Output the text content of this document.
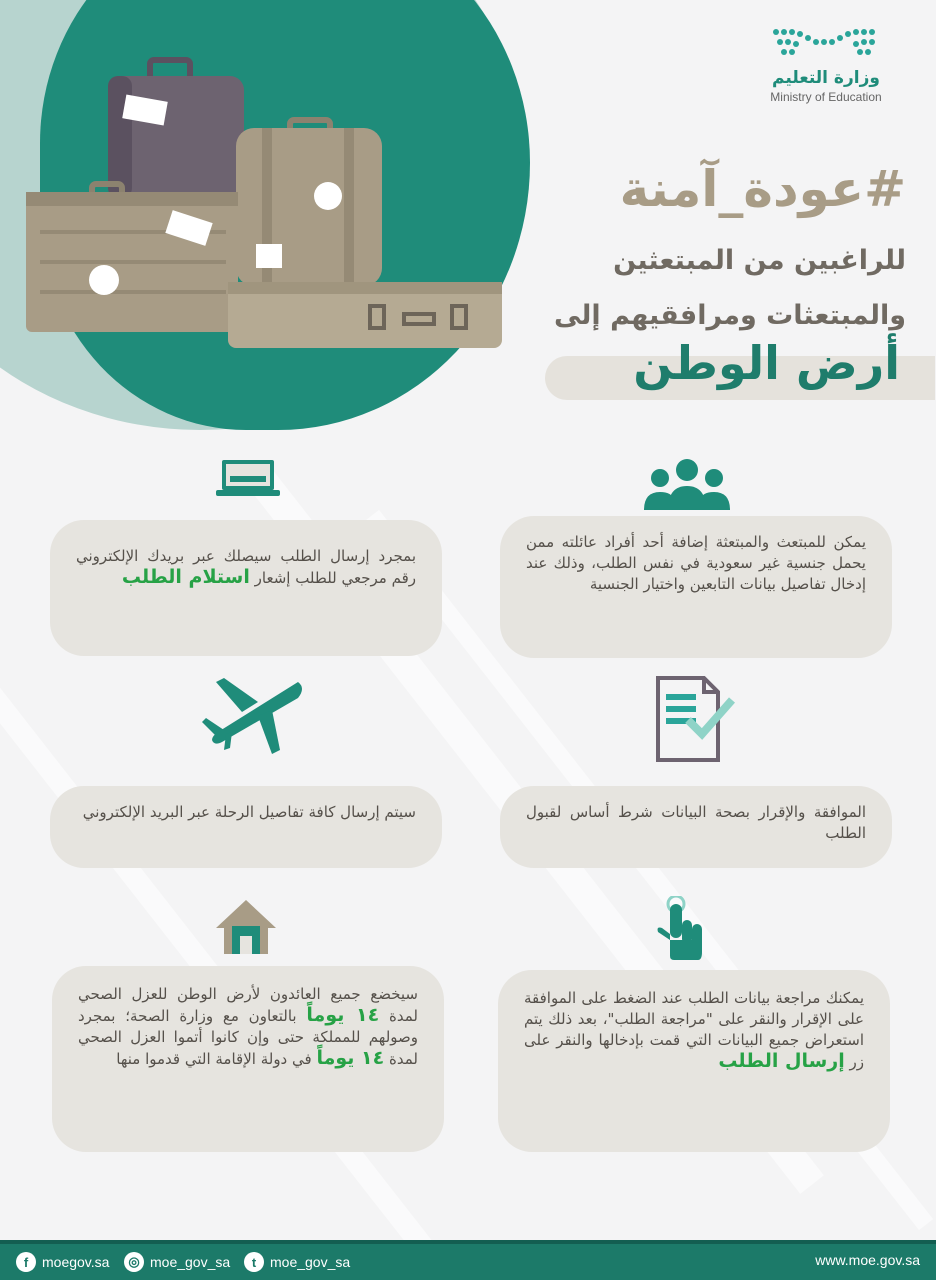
وزارة التعليم
Ministry of Education
#عودة_آمنة
للراغبين من المبتعثين
والمبتعثات ومرافقيهم إلى
أرض الوطن
يمكن للمبتعث والمبتعثة إضافة أحد أفراد عائلته ممن يحمل جنسية غير سعودية في نفس الطلب، وذلك عند إدخال تفاصيل بيانات التابعين واختيار الجنسية
بمجرد إرسال الطلب سيصلك عبر بريدك الإلكتروني رقم مرجعي للطلب إشعار استلام الطلب
الموافقة والإقرار بصحة البيانات شرط أساس لقبول الطلب
سيتم إرسال كافة تفاصيل الرحلة عبر البريد الإلكتروني
يمكنك مراجعة بيانات الطلب عند الضغط على الموافقة على الإقرار والنقر على "مراجعة الطلب"، بعد ذلك يتم استعراض جميع البيانات التي قمت بإدخالها والنقر على زر إرسال الطلب
سيخضع جميع العائدون لأرض الوطن للعزل الصحي لمدة ١٤ يوماً بالتعاون مع وزارة الصحة؛ بمجرد وصولهم للمملكة حتى وإن كانوا أتموا العزل الصحي لمدة ١٤ يوماً في دولة الإقامة التي قدموا منها
f moegov.sa	◎ moe_gov_sa	t moe_gov_sa	www.moe.gov.sa
